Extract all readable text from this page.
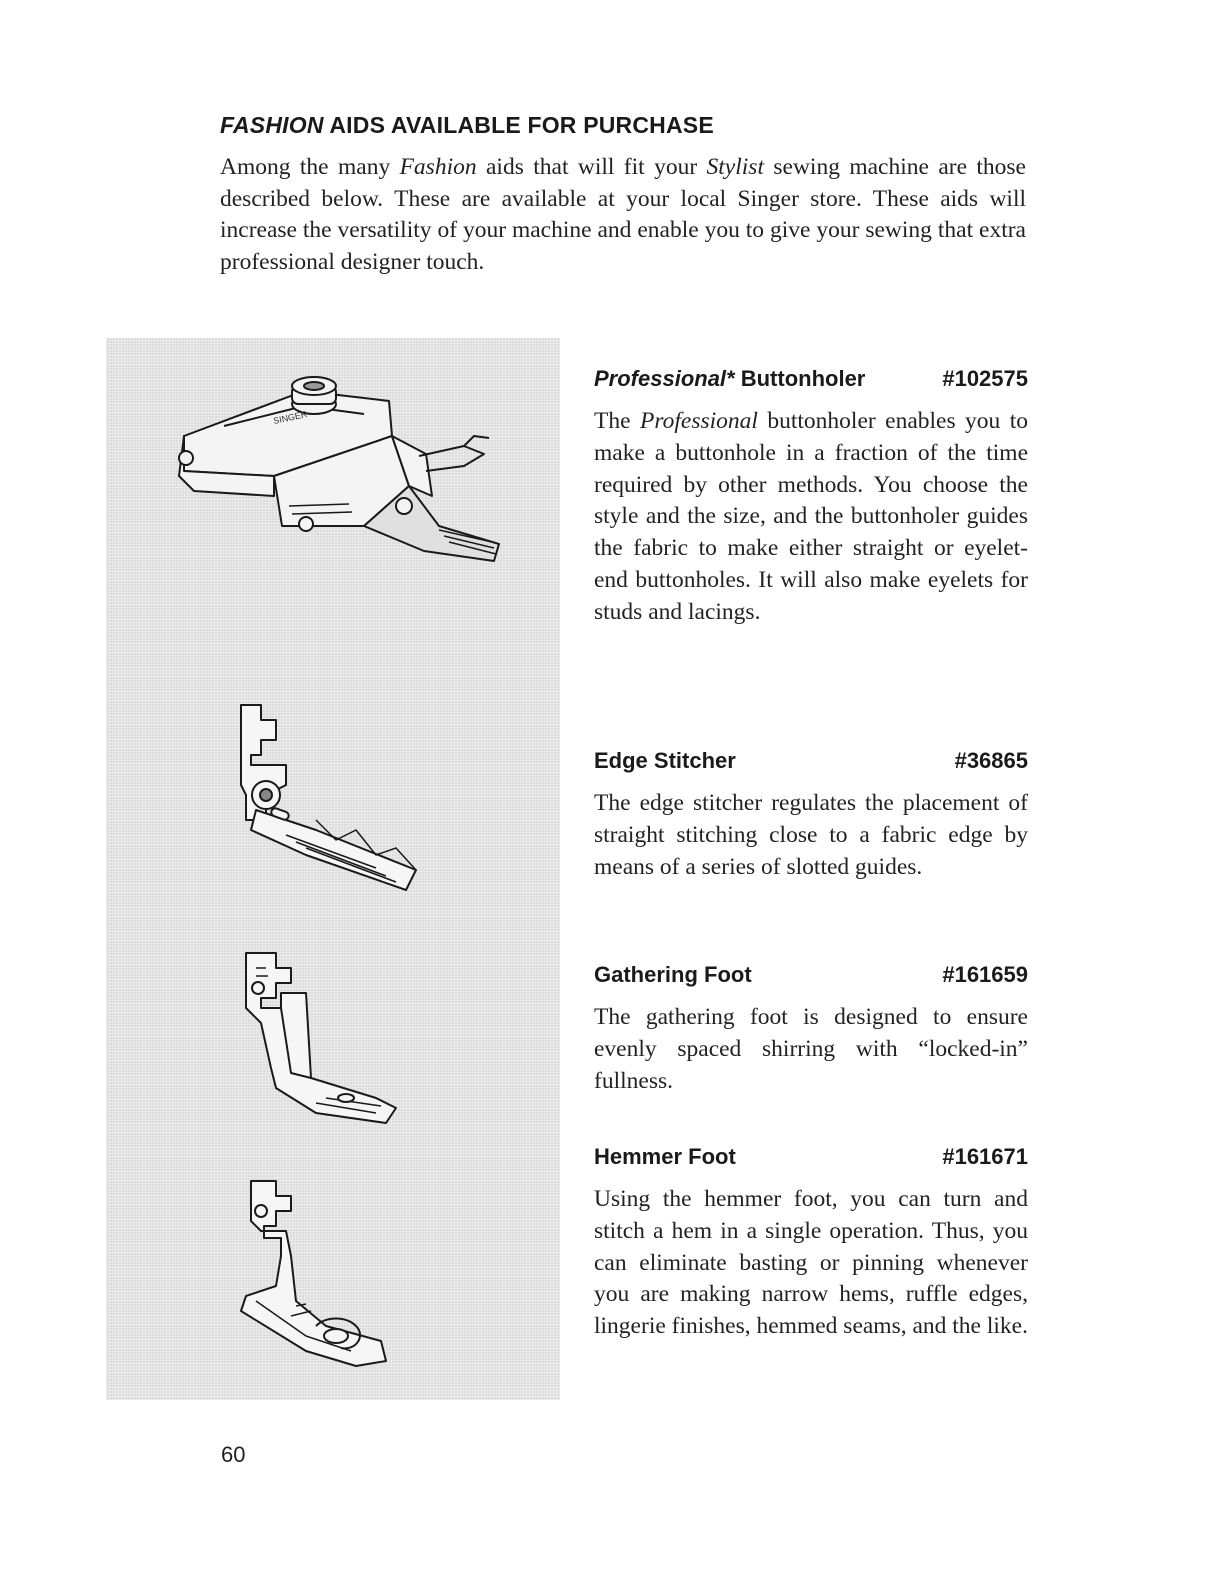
FASHION AIDS AVAILABLE FOR PURCHASE

Among the many Fashion aids that will fit your Stylist sewing machine are those described below. These are available at your local Singer store. These aids will increase the versatility of your machine and enable you to give your sewing that extra professional designer touch.

SINGER
Professional* Buttonholer	#102575

The Professional buttonholer enables you to make a buttonhole in a fraction of the time required by other methods. You choose the style and the size, and the buttonholer guides the fabric to make either straight or eyelet-end buttonholes. It will also make eyelets for studs and lacings.

Edge Stitcher	#36865

The edge stitcher regulates the placement of straight stitching close to a fabric edge by means of a series of slotted guides.

Gathering Foot	#161659

The gathering foot is designed to ensure evenly spaced shirring with “locked-in” fullness.

Hemmer Foot	#161671

Using the hemmer foot, you can turn and stitch a hem in a single operation. Thus, you can eliminate basting or pinning whenever you are making narrow hems, ruffle edges, lingerie finishes, hemmed seams, and the like.

60
